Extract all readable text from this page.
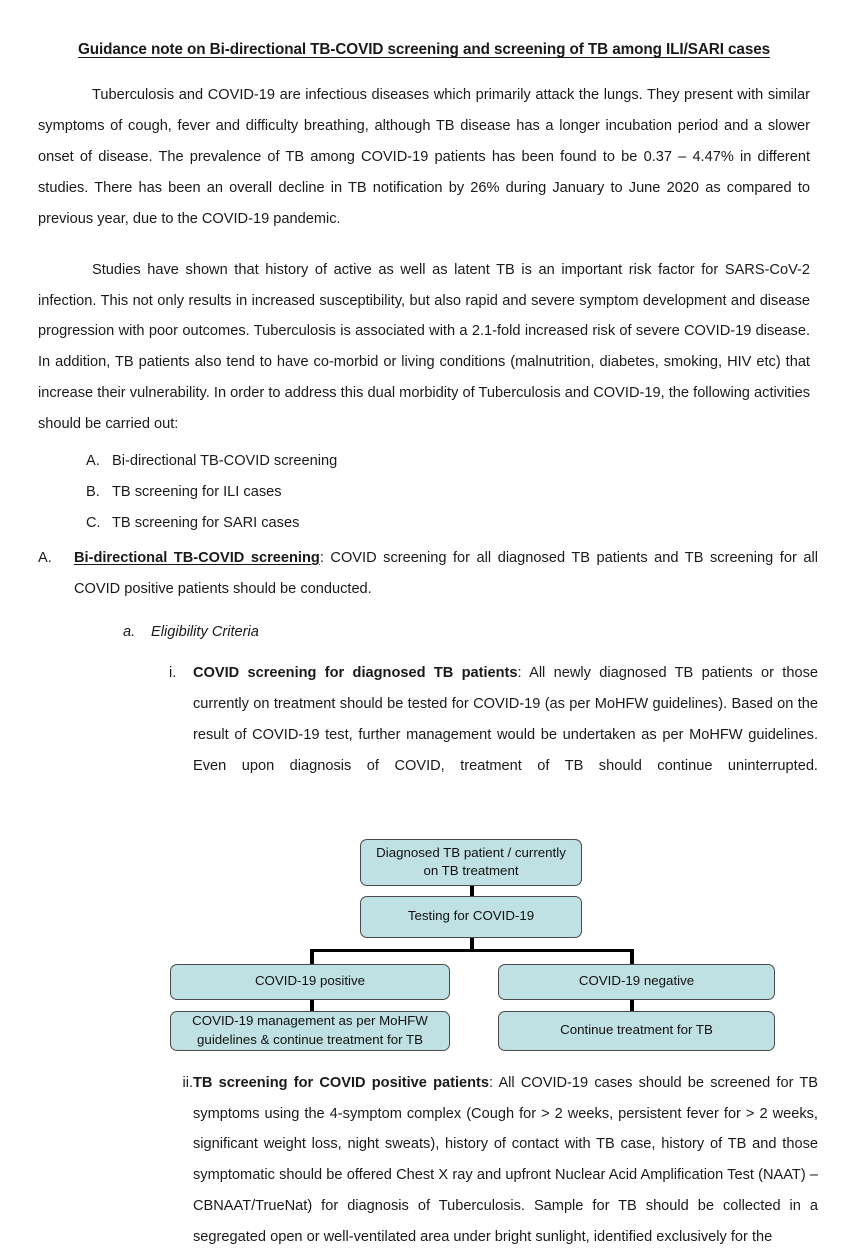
Guidance note on Bi-directional TB-COVID screening and screening of TB among ILI/SARI cases

Tuberculosis and COVID-19 are infectious diseases which primarily attack the lungs. They present with similar symptoms of cough, fever and difficulty breathing, although TB disease has a longer incubation period and a slower onset of disease. The prevalence of TB among COVID-19 patients has been found to be 0.37 – 4.47% in different studies. There has been an overall decline in TB notification by 26% during January to June 2020 as compared to previous year, due to the COVID-19 pandemic.

Studies have shown that history of active as well as latent TB is an important risk factor for SARS-CoV-2 infection. This not only results in increased susceptibility, but also rapid and severe symptom development and disease progression with poor outcomes. Tuberculosis is associated with a 2.1-fold increased risk of severe COVID-19 disease. In addition, TB patients also tend to have co-morbid or living conditions (malnutrition, diabetes, smoking, HIV etc) that increase their vulnerability. In order to address this dual morbidity of Tuberculosis and COVID-19, the following activities should be carried out:

A. Bi-directional TB-COVID screening
B. TB screening for ILI cases
C. TB screening for SARI cases

A.	Bi-directional TB-COVID screening: COVID screening for all diagnosed TB patients and TB screening for all COVID positive patients should be conducted.

a.	Eligibility Criteria

i.	COVID screening for diagnosed TB patients: All newly diagnosed TB patients or those currently on treatment should be tested for COVID-19 (as per MoHFW guidelines). Based on the result of COVID-19 test, further management would be undertaken as per MoHFW guidelines. Even upon diagnosis of COVID, treatment of TB should continue uninterrupted.

Diagnosed TB patient / currently on TB treatment
Testing for COVID-19
COVID-19 positive	COVID-19 negative
COVID-19 management as per MoHFW guidelines & continue treatment for TB
Continue treatment for TB

ii. TB screening for COVID positive patients: All COVID-19 cases should be screened for TB symptoms using the 4-symptom complex (Cough for > 2 weeks, persistent fever for > 2 weeks, significant weight loss, night sweats), history of contact with TB case, history of TB and those symptomatic should be offered Chest X ray and upfront Nuclear Acid Amplification Test (NAAT) – CBNAAT/TrueNat) for diagnosis of Tuberculosis. Sample for TB should be collected in a segregated open or well-ventilated area under bright sunlight, identified exclusively for the
